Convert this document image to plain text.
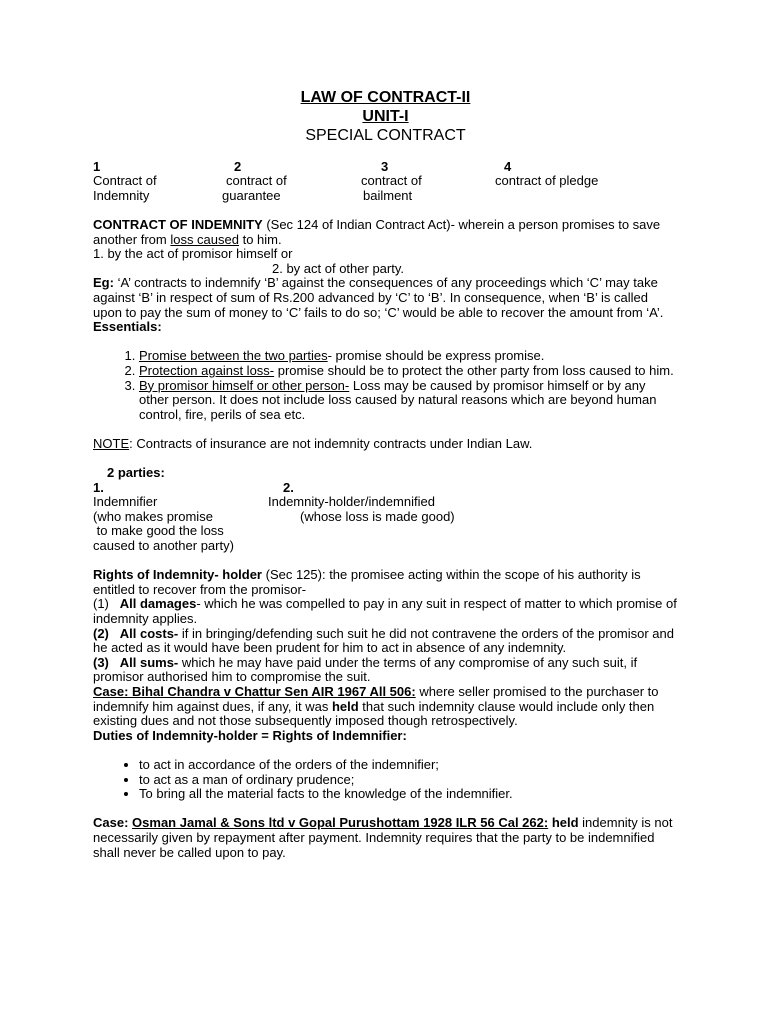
LAW OF CONTRACT-II
UNIT-I
SPECIAL CONTRACT
1	2	3	4
Contract of	contract of	contract of	contract of pledge
Indemnity	guarantee	bailment

CONTRACT OF INDEMNITY (Sec 124 of Indian Contract Act)- wherein a person promises to save another from loss caused to him.

1. by the act of promisor himself or

2. by act of other party.

Eg: ‘A’ contracts to indemnify ‘B’ against the consequences of any proceedings which ‘C’ may take against ‘B’ in respect of sum of Rs.200 advanced by ‘C’ to ‘B’. In consequence, when ‘B’ is called upon to pay the sum of money to ‘C’ fails to do so; ‘C’ would be able to recover the amount from ‘A’.

Essentials:

1. Promise between the two parties- promise should be express promise.
2. Protection against loss- promise should be to protect the other party from loss caused to him.
3. By promisor himself or other person- Loss may be caused by promisor himself or by any other person. It does not include loss caused by natural reasons which are beyond human control, fire, perils of sea etc.

NOTE: Contracts of insurance are not indemnity contracts under Indian Law.

2 parties:

1.	2.
Indemnifier	Indemnity-holder/indemnified
(who makes promise	(whose loss is made good)
to make good the loss
caused to another party)

Rights of Indemnity- holder (Sec 125): the promisee acting within the scope of his authority is entitled to recover from the promisor-

(1) All damages- which he was compelled to pay in any suit in respect of matter to which promise of indemnity applies.

(2) All costs- if in bringing/defending such suit he did not contravene the orders of the promisor and he acted as it would have been prudent for him to act in absence of any indemnity.

(3) All sums- which he may have paid under the terms of any compromise of any such suit, if promisor authorised him to compromise the suit.

Case: Bihal Chandra v Chattur Sen AIR 1967 All 506: where seller promised to the purchaser to indemnify him against dues, if any, it was held that such indemnity clause would include only then existing dues and not those subsequently imposed though retrospectively.

Duties of Indemnity-holder = Rights of Indemnifier:

• to act in accordance of the orders of the indemnifier;
• to act as a man of ordinary prudence;
• To bring all the material facts to the knowledge of the indemnifier.

Case: Osman Jamal & Sons ltd v Gopal Purushottam 1928 ILR 56 Cal 262: held indemnity is not necessarily given by repayment after payment. Indemnity requires that the party to be indemnified shall never be called upon to pay.
